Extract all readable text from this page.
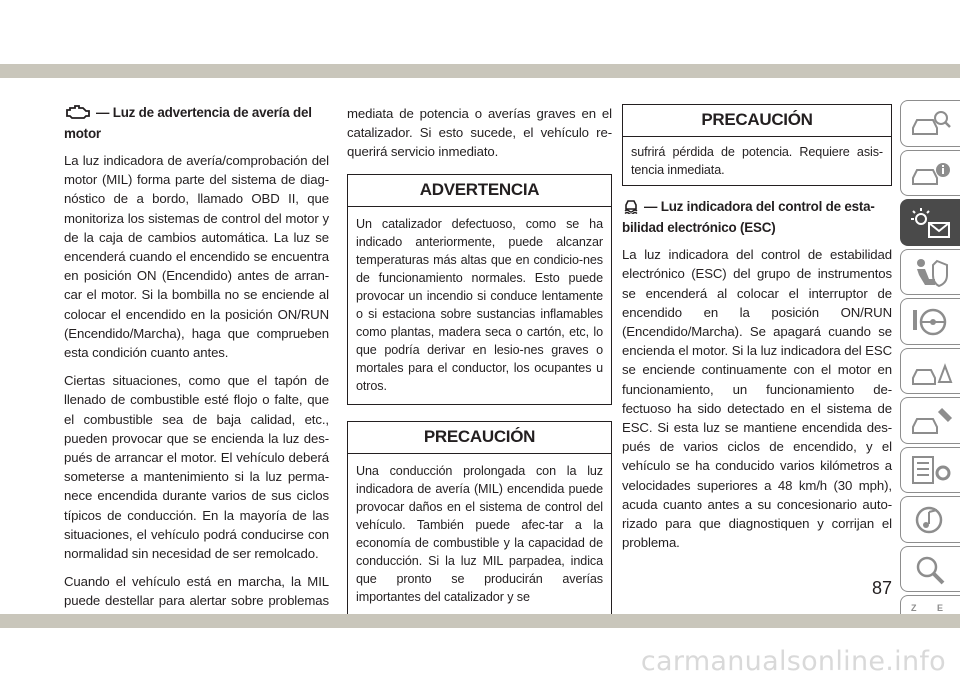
— Luz de advertencia de avería del motor

La luz indicadora de avería/comprobación del motor (MIL) forma parte del sistema de diag-nóstico de a bordo, llamado OBD II, que monitoriza los sistemas de control del motor y de la caja de cambios automática. La luz se encenderá cuando el encendido se encuentra en posición ON (Encendido) antes de arran-car el motor. Si la bombilla no se enciende al colocar el encendido en la posición ON/RUN (Encendido/Marcha), haga que comprueben esta condición cuanto antes.

Ciertas situaciones, como que el tapón de llenado de combustible esté flojo o falte, que el combustible sea de baja calidad, etc., pueden provocar que se encienda la luz des-pués de arrancar el motor. El vehículo deberá someterse a mantenimiento si la luz perma-nece encendida durante varios de sus ciclos típicos de conducción. En la mayoría de las situaciones, el vehículo podrá conducirse con normalidad sin necesidad de ser remolcado.

Cuando el vehículo está en marcha, la MIL puede destellar para alertar sobre problemas

mediata de potencia o averías graves en el catalizador. Si esto sucede, el vehículo re-querirá servicio inmediato.

ADVERTENCIA
Un catalizador defectuoso, como se ha indicado anteriormente, puede alcanzar temperaturas más altas que en condicio-nes de funcionamiento normales. Esto puede provocar un incendio si conduce lentamente o si estaciona sobre sustancias inflamables como plantas, madera seca o cartón, etc, lo que podría derivar en lesio-nes graves o mortales para el conductor, los ocupantes u otros.
PRECAUCIÓN
Una conducción prolongada con la luz indicadora de avería (MIL) encendida puede provocar daños en el sistema de control del vehículo. También puede afec-tar a la economía de combustible y la capacidad de conducción. Si la luz MIL parpadea, indica que pronto se producirán averías importantes del catalizador y se
PRECAUCIÓN
sufrirá pérdida de potencia. Requiere asis-tencia inmediata.
— Luz indicadora del control de esta-bilidad electrónico (ESC)

La luz indicadora del control de estabilidad electrónico (ESC) del grupo de instrumentos se encenderá al colocar el interruptor de encendido en la posición ON/RUN (Encendido/Marcha). Se apagará cuando se encienda el motor. Si la luz indicadora del ESC se enciende continuamente con el motor en funcionamiento, un funcionamiento de-fectuoso ha sido detectado en el sistema de ESC. Si esta luz se mantiene encendida des-pués de varios ciclos de encendido, y el vehículo se ha conducido varios kilómetros a velocidades superiores a 48 km/h (30 mph), acuda cuanto antes a su concesionario auto-rizado para que diagnostiquen y corrijan el problema.

Z E
87
carmanualsonline.info
